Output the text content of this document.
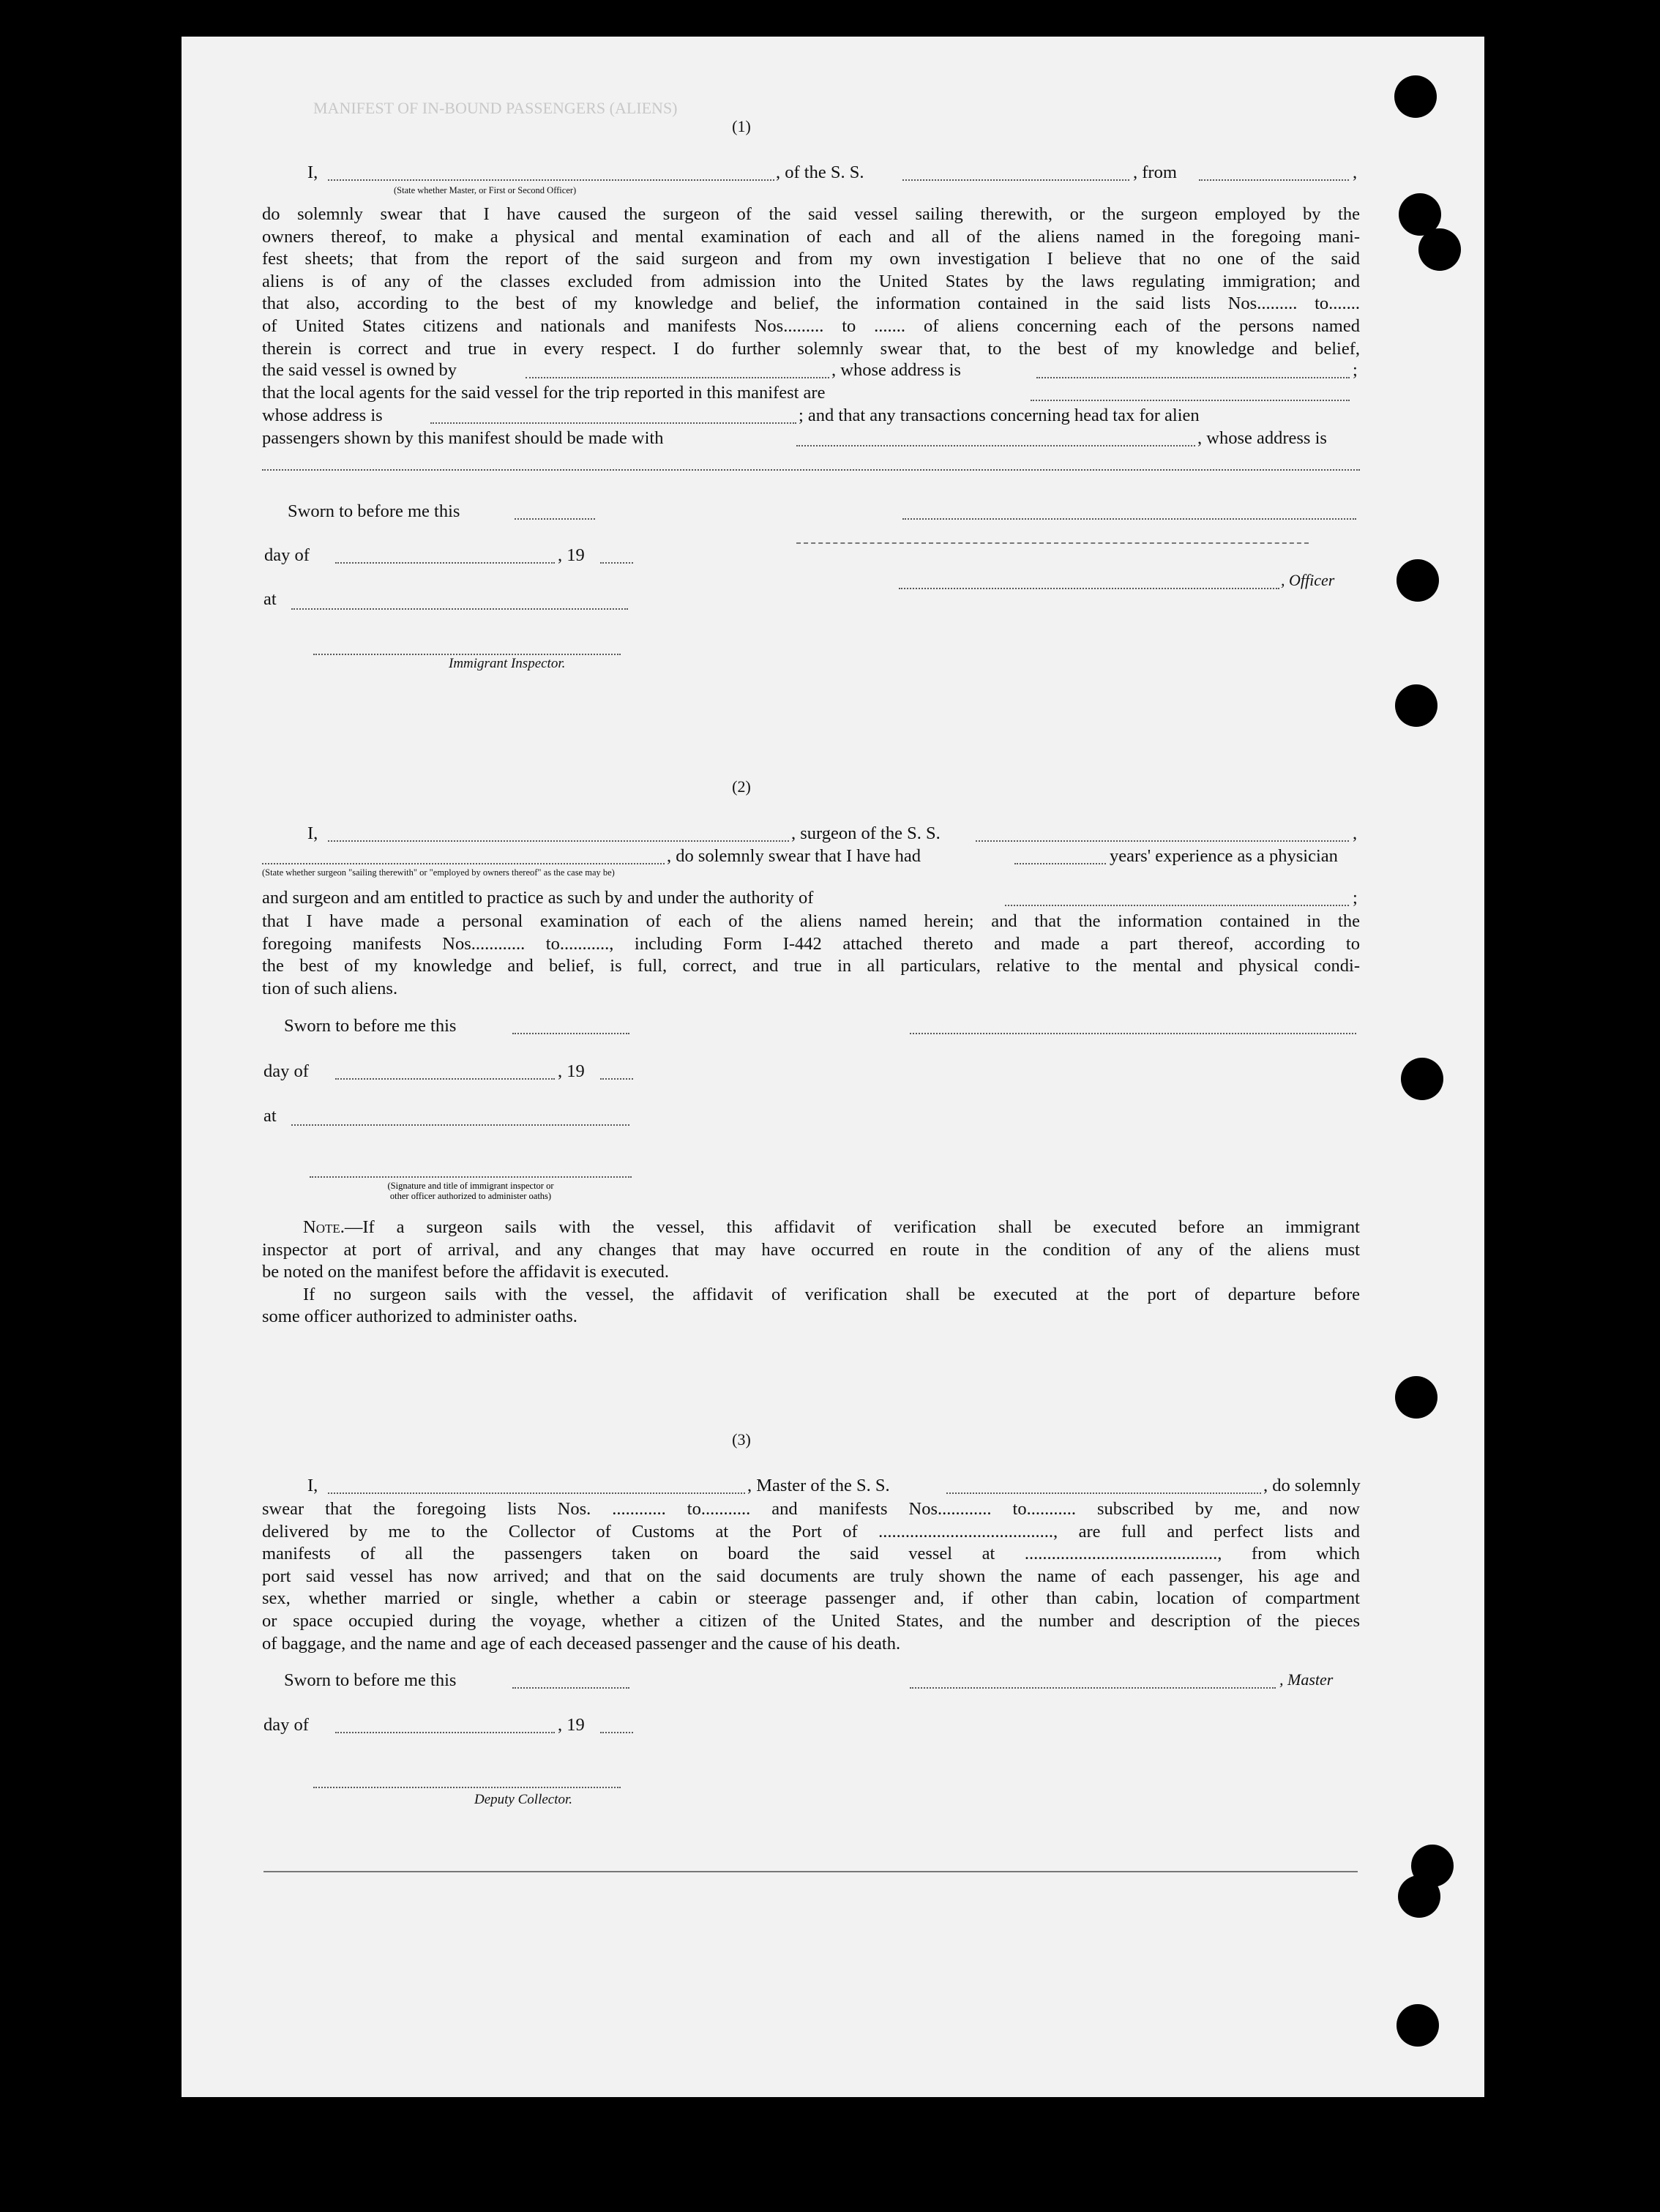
MANIFEST OF IN-BOUND PASSENGERS (ALIENS)
(1)
I,	, of the S. S.	, from	,
(State whether Master, or First or Second Officer)
do solemnly swear that I have caused the surgeon of the said vessel sailing therewith, or the surgeon employed by the
owners thereof, to make a physical and mental examination of each and all of the aliens named in the foregoing mani-
fest sheets; that from the report of the said surgeon and from my own investigation I believe that no one of the said
aliens is of any of the classes excluded from admission into the United States by the laws regulating immigration; and
that also, according to the best of my knowledge and belief, the information contained in the said lists Nos......... to.......
of United States citizens and nationals and manifests Nos......... to ....... of aliens concerning each of the persons named
therein is correct and true in every respect. I do further solemnly swear that, to the best of my knowledge and belief,
the said vessel is owned by	, whose address is	;
that the local agents for the said vessel for the trip reported in this manifest are
whose address is	; and that any transactions concerning head tax for alien
passengers shown by this manifest should be made with	, whose address is
Sworn to before me this
day of	, 19
, Officer
at
Immigrant Inspector.
(2)
I,	, surgeon of the S. S.	,
, do solemnly swear that I have had	years' experience as a physician
(State whether surgeon "sailing therewith" or "employed by owners thereof" as the case may be)
and surgeon and am entitled to practice as such by and under the authority of	;
that I have made a personal examination of each of the aliens named herein; and that the information contained in the
foregoing manifests Nos............ to..........., including Form I-442 attached thereto and made a part thereof, according to
the best of my knowledge and belief, is full, correct, and true in all particulars, relative to the mental and physical condi-
tion of such aliens.
Sworn to before me this
day of	, 19
at
(Signature and title of immigrant inspector or
other officer authorized to administer oaths)
Note.—If a surgeon sails with the vessel, this affidavit of verification shall be executed before an immigrant
inspector at port of arrival, and any changes that may have occurred en route in the condition of any of the aliens must
be noted on the manifest before the affidavit is executed.
If no surgeon sails with the vessel, the affidavit of verification shall be executed at the port of departure before
some officer authorized to administer oaths.
(3)
I,	, Master of the S. S.	, do solemnly
swear that the foregoing lists Nos. ............ to........... and manifests Nos............ to........... subscribed by me, and now
delivered by me to the Collector of Customs at the Port of ......................................., are full and perfect lists and
manifests of all the passengers taken on board the said vessel at ..........................................., from which
port said vessel has now arrived; and that on the said documents are truly shown the name of each passenger, his age and
sex, whether married or single, whether a cabin or steerage passenger and, if other than cabin, location of compartment
or space occupied during the voyage, whether a citizen of the United States, and the number and description of the pieces
of baggage, and the name and age of each deceased passenger and the cause of his death.
Sworn to before me this	, Master
day of	, 19
Deputy Collector.
